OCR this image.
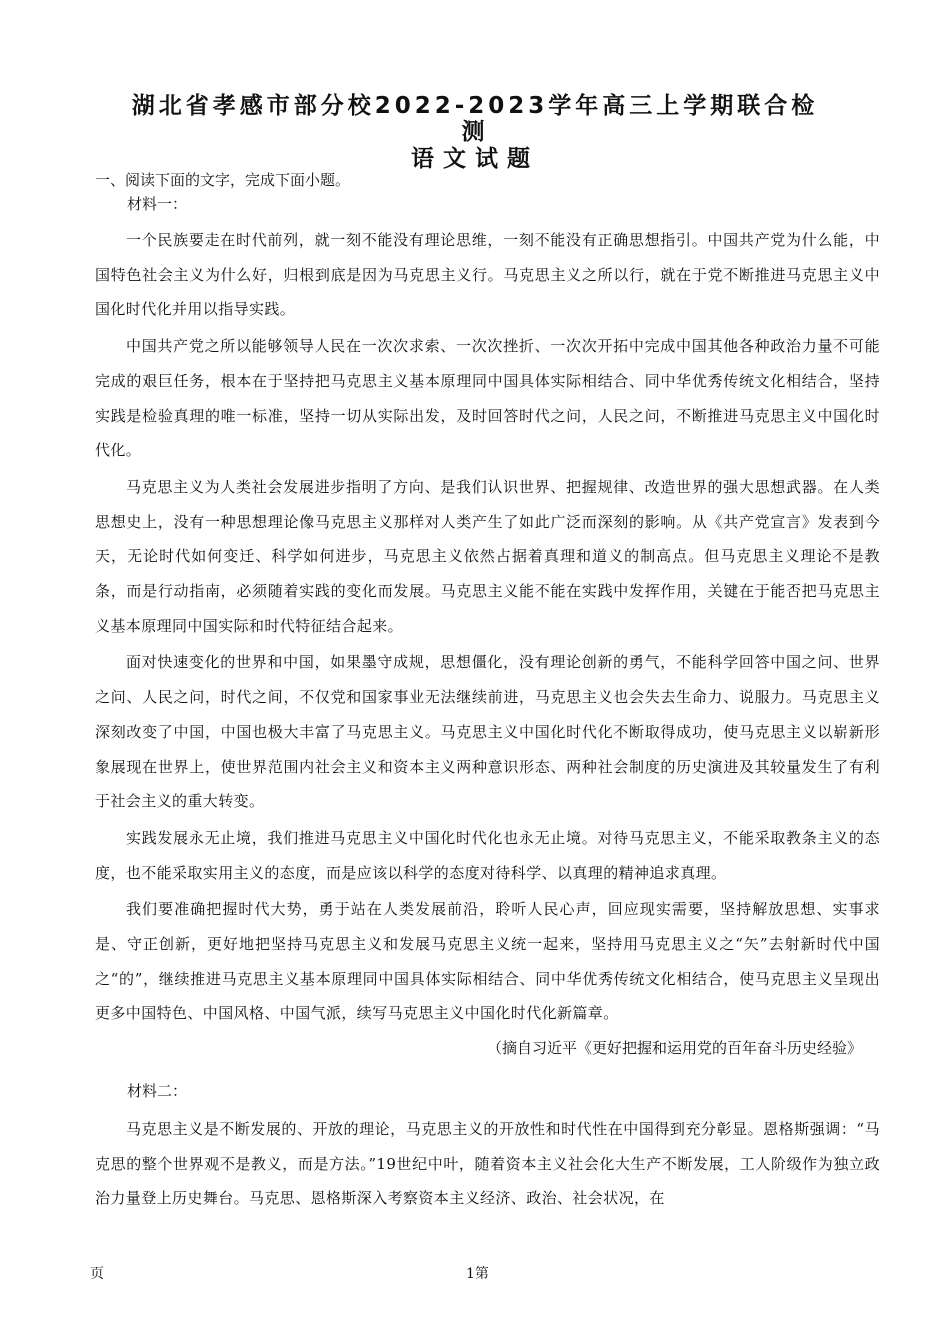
湖北省孝感市部分校2022-2023学年高三上学期联合检
测
语文试题
一、阅读下面的文字，完成下面小题。
材料一：

一个民族要走在时代前列，就一刻不能没有理论思维，一刻不能没有正确思想指引。中国共产党为什么能，中国特色社会主义为什么好，归根到底是因为马克思主义行。马克思主义之所以行，就在于党不断推进马克思主义中国化时代化并用以指导实践。

中国共产党之所以能够领导人民在一次次求索、一次次挫折、一次次开拓中完成中国其他各种政治力量不可能完成的艰巨任务，根本在于坚持把马克思主义基本原理同中国具体实际相结合、同中华优秀传统文化相结合，坚持实践是检验真理的唯一标准，坚持一切从实际出发，及时回答时代之问，人民之问，不断推进马克思主义中国化时代化。

马克思主义为人类社会发展进步指明了方向、是我们认识世界、把握规律、改造世界的强大思想武器。在人类思想史上，没有一种思想理论像马克思主义那样对人类产生了如此广泛而深刻的影响。从《共产党宣言》发表到今天，无论时代如何变迁、科学如何进步，马克思主义依然占据着真理和道义的制高点。但马克思主义理论不是教条，而是行动指南，必须随着实践的变化而发展。马克思主义能不能在实践中发挥作用，关键在于能否把马克思主义基本原理同中国实际和时代特征结合起来。

面对快速变化的世界和中国，如果墨守成规，思想僵化，没有理论创新的勇气，不能科学回答中国之问、世界之问、人民之问，时代之间，不仅党和国家事业无法继续前进，马克思主义也会失去生命力、说服力。马克思主义深刻改变了中国，中国也极大丰富了马克思主义。马克思主义中国化时代化不断取得成功，使马克思主义以崭新形象展现在世界上，使世界范围内社会主义和资本主义两种意识形态、两种社会制度的历史演进及其较量发生了有利于社会主义的重大转变。

实践发展永无止境，我们推进马克思主义中国化时代化也永无止境。对待马克思主义，不能采取教条主义的态度，也不能采取实用主义的态度，而是应该以科学的态度对待科学、以真理的精神追求真理。

我们要准确把握时代大势，勇于站在人类发展前沿，聆听人民心声，回应现实需要，坚持解放思想、实事求是、守正创新，更好地把坚持马克思主义和发展马克思主义统一起来，坚持用马克思主义之“矢”去射新时代中国之“的”，继续推进马克思主义基本原理同中国具体实际相结合、同中华优秀传统文化相结合，使马克思主义呈现出更多中国特色、中国风格、中国气派，续写马克思主义中国化时代化新篇章。

（摘自习近平《更好把握和运用党的百年奋斗历史经验》
材料二：

马克思主义是不断发展的、开放的理论，马克思主义的开放性和时代性在中国得到充分彰显。恩格斯强调：“马克思的整个世界观不是教义，而是方法。”19世纪中叶，随着资本主义社会化大生产不断发展，工人阶级作为独立政治力量登上历史舞台。马克思、恩格斯深入考察资本主义经济、政治、社会状况，在

页	1第
